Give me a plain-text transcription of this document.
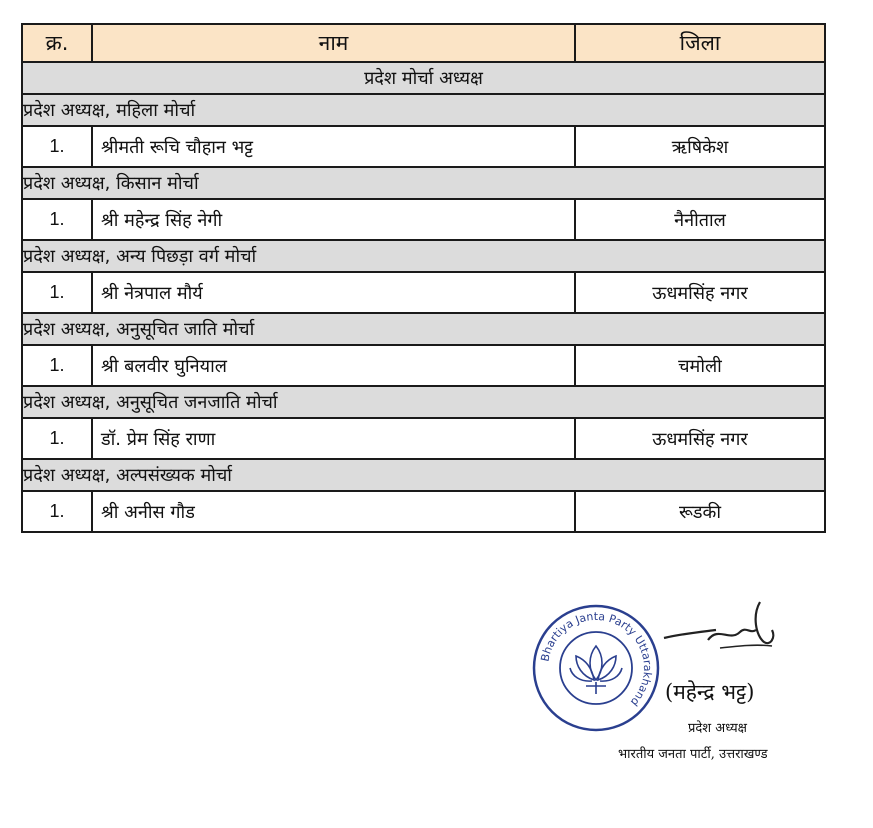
क्र.	नाम	जिला
प्रदेश मोर्चा अध्यक्ष		
प्रदेश अध्यक्ष, महिला मोर्चा		
1.	श्रीमती रूचि चौहान भट्ट	ऋषिकेश
प्रदेश अध्यक्ष, किसान मोर्चा		
1.	श्री महेन्द्र सिंह नेगी	नैनीताल
प्रदेश अध्यक्ष, अन्य पिछड़ा वर्ग मोर्चा		
1.	श्री नेत्रपाल मौर्य	ऊधमसिंह नगर
प्रदेश अध्यक्ष, अनुसूचित जाति मोर्चा		
1.	श्री बलवीर घुनियाल	चमोली
प्रदेश अध्यक्ष, अनुसूचित जनजाति मोर्चा		
1.	डॉ. प्रेम सिंह राणा	ऊधमसिंह नगर
प्रदेश अध्यक्ष, अल्पसंख्यक मोर्चा		
1.	श्री अनीस गौड	रूडकी
Bhartiya Janta Party Uttarakhand	(महेन्द्र भट्ट)
प्रदेश अध्यक्ष
भारतीय जनता पार्टी, उत्तराखण्ड
